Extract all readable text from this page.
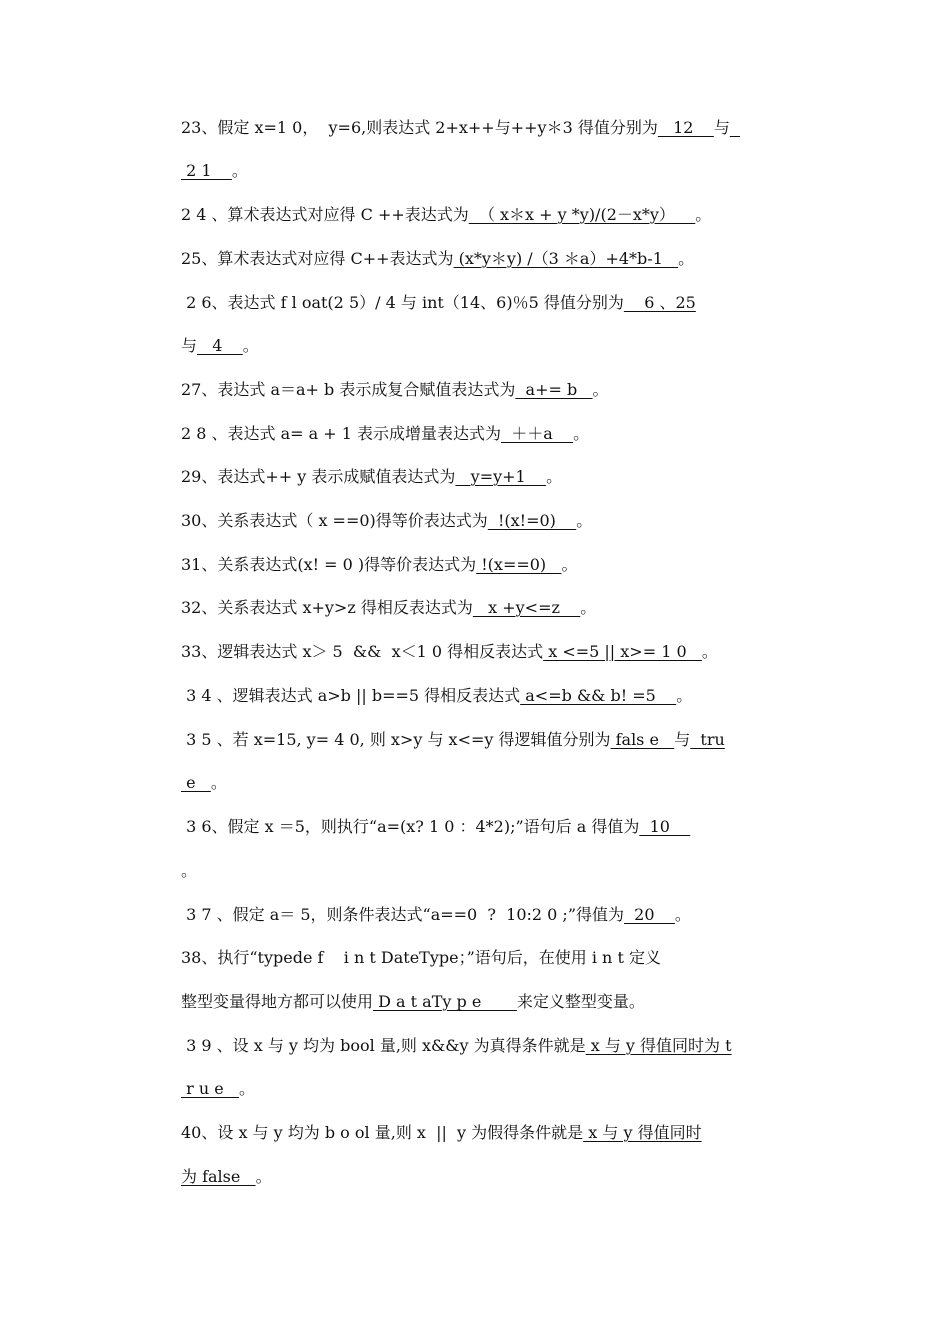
23、假定 x=1 0，  y=6,则表达式 2+x++与++y＊3 得值分别为   12    与
2 1    。
2 4 、算术表达式对应得 C ++表达式为  （ x＊x + y *y)/(2－x*y）    。
25、算术表达式对应得 C++表达式为 (x*y＊y) /（3 ＊a）+4*b-1   。
2 6、表达式 f l oat(2 5）/ 4 与 int（14、6)％5 得值分别为    6 、25
与   4    。
27、表达式 a＝a+ b 表示成复合赋值表达式为  a+= b   。
2 8 、表达式 a= a + 1 表示成增量表达式为  ＋＋a    。
29、表达式++ y 表示成赋值表达式为   y=y+1    。
30、关系表达式（ x ==0)得等价表达式为  !(x!=0)    。
31、关系表达式(x! = 0 )得等价表达式为 !(x==0)   。
32、关系表达式 x+y>z 得相反表达式为   x +y<=z    。
33、逻辑表达式 x＞ 5  &&  x＜1 0 得相反表达式 x <=5 || x>= 1 0   。
3 4 、逻辑表达式 a>b || b==5 得相反表达式 a<=b && b! =5    。
3 5 、若 x=15, y= 4 0, 则 x>y 与 x<=y 得逻辑值分别为 fals e   与  tru
e   。
3 6、假定 x ＝5，则执行“a=(x? 1 0 ：4*2);”语句后 a 得值为  10
。
3 7 、假定 a＝ 5，则条件表达式“a==0  ?  10:2 0 ;”得值为  20    。
38、执行“typede f    i n t DateType；”语句后，在使用 i n t 定义
整型变量得地方都可以使用 D a t aTy p e       来定义整型变量。
3 9 、设 x 与 y 均为 bool 量,则 x&&y 为真得条件就是 x 与 y 得值同时为 t
r u e   。
40、设 x 与 y 均为 b o ol 量,则 x  ||  y 为假得条件就是 x 与 y 得值同时
为 false   。
